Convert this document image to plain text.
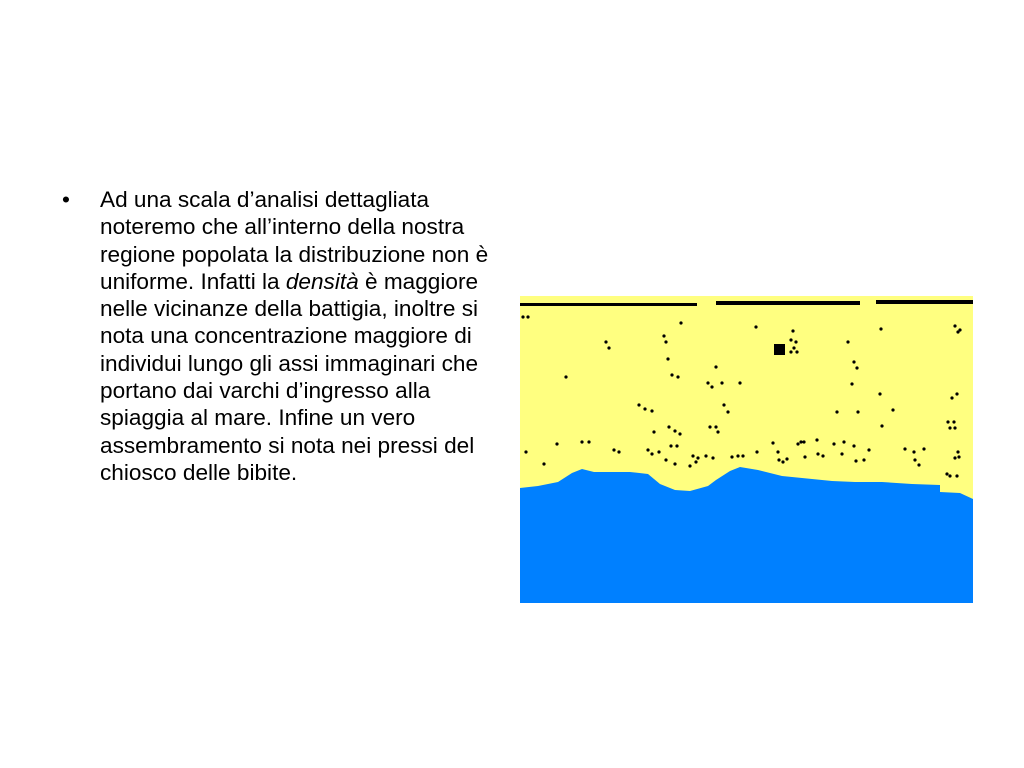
• Ad una scala d’analisi dettagliata noteremo che all’interno della nostra regione popolata la distribuzione non è uniforme. Infatti la densità è maggiore nelle vicinanze della battigia, inoltre si nota una concentrazione maggiore di individui lungo gli assi immaginari che portano dai varchi d’ingresso alla spiaggia al mare. Infine un vero assembramento si nota nei pressi del chiosco delle bibite.
